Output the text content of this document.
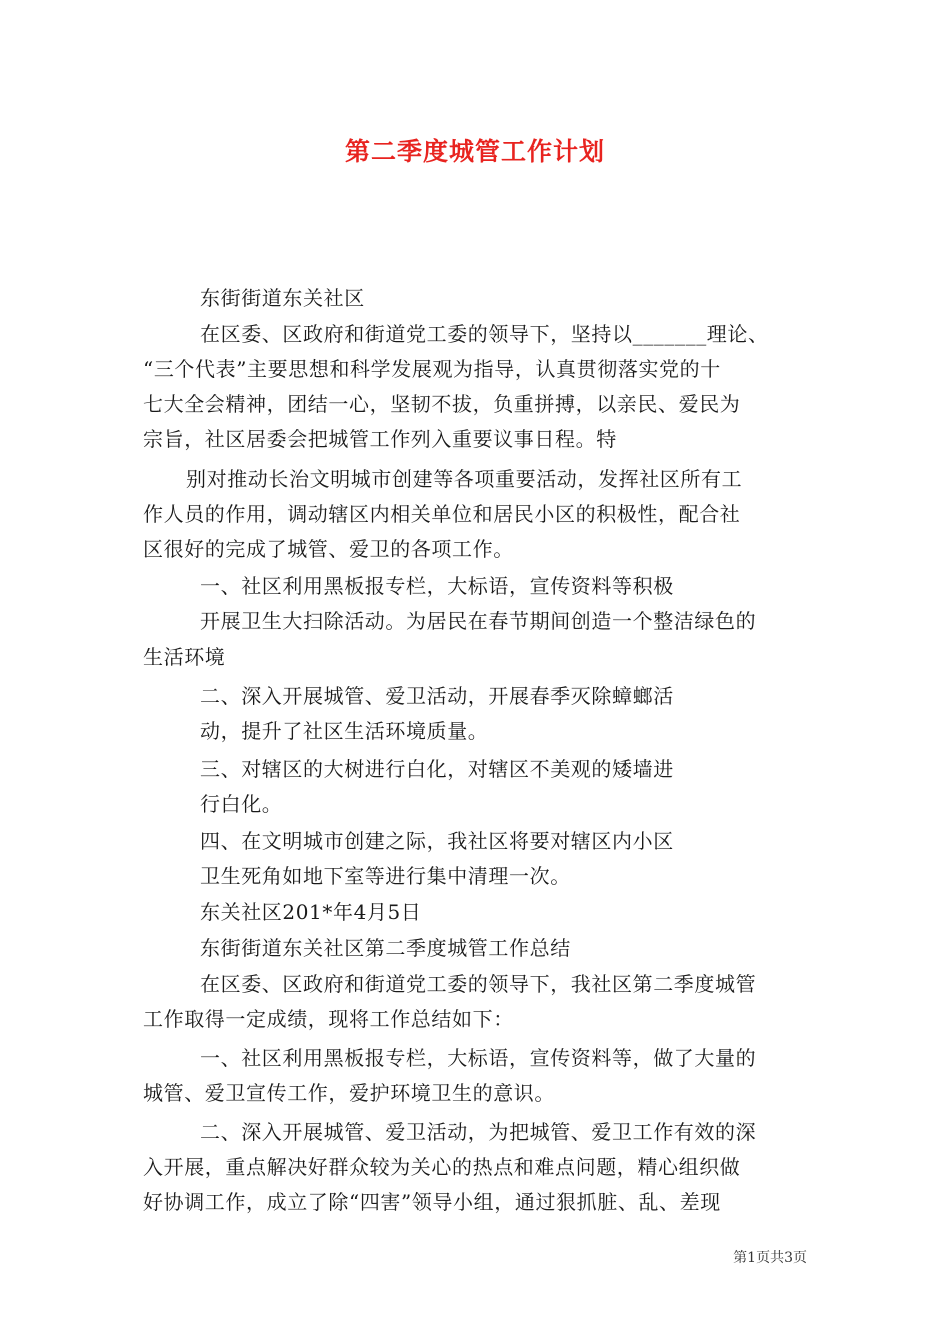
第二季度城管工作计划
东街街道东关社区
在区委、区政府和街道党工委的领导下，坚持以_______理论、
“三个代表”主要思想和科学发展观为指导，认真贯彻落实党的十
七大全会精神，团结一心，坚韧不拔，负重拼搏，以亲民、爱民为
宗旨，社区居委会把城管工作列入重要议事日程。特
别对推动长治文明城市创建等各项重要活动，发挥社区所有工
作人员的作用，调动辖区内相关单位和居民小区的积极性，配合社
区很好的完成了城管、爱卫的各项工作。
一、社区利用黑板报专栏，大标语，宣传资料等积极
开展卫生大扫除活动。为居民在春节期间创造一个整洁绿色的
生活环境
二、深入开展城管、爱卫活动，开展春季灭除蟑螂活
动，提升了社区生活环境质量。
三、对辖区的大树进行白化，对辖区不美观的矮墙进
行白化。
四、在文明城市创建之际，我社区将要对辖区内小区
卫生死角如地下室等进行集中清理一次。
东关社区201*年4月5日
东街街道东关社区第二季度城管工作总结
在区委、区政府和街道党工委的领导下，我社区第二季度城管
工作取得一定成绩，现将工作总结如下：
一、社区利用黑板报专栏，大标语，宣传资料等，做了大量的
城管、爱卫宣传工作，爱护环境卫生的意识。
二、深入开展城管、爱卫活动，为把城管、爱卫工作有效的深
入开展，重点解决好群众较为关心的热点和难点问题，精心组织做
好协调工作，成立了除“四害”领导小组，通过狠抓脏、乱、差现
第1页共3页
